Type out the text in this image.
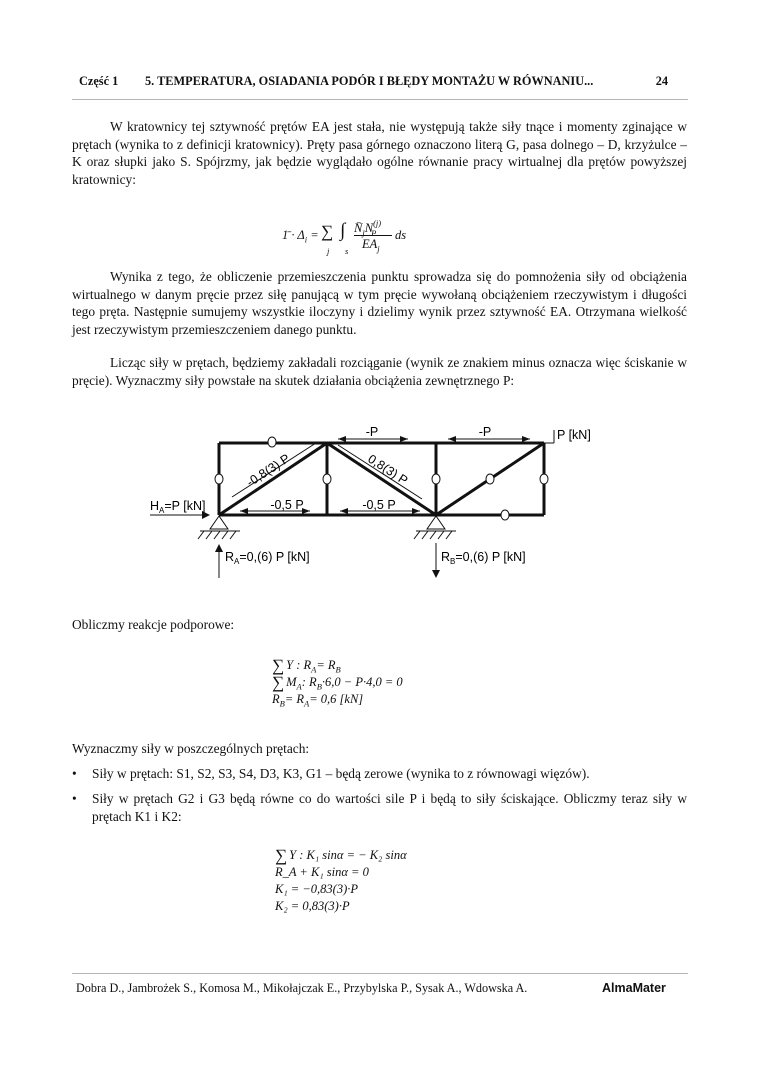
Część 1 5. TEMPERATURA, OSIADANIA PODÓR I BŁĘDY MONTAŻU W RÓWNANIU...	24

W kratownicy tej sztywność prętów EA jest stała, nie występują także siły tnące i momenty zginające w prętach (wynika to z definicji kratownicy). Pręty pasa górnego oznaczono literą G, pasa dolnego – D, krzyżulce – K oraz słupki jako S. Spójrzmy, jak będzie wyglądało ogólne równanie pracy wirtualnej dla prętów powyższej kratownicy:

1̄ · $\Delta_i$ = ∑
j
∫
s
$N̄_jN^{(j)}_P$
$EA_j$
ds

Wynika z tego, że obliczenie przemieszczenia punktu sprowadza się do pomnożenia siły od obciążenia wirtualnego w danym pręcie przez siłę panującą w tym pręcie wywołaną obciążeniem rzeczywistym i długości tego pręta. Następnie sumujemy wszystkie iloczyny i dzielimy wynik przez sztywność EA. Otrzymana wielkość jest rzeczywistym przemieszczeniem danego punktu.

Licząc siły w prętach, będziemy zakładali rozciąganie (wynik ze znakiem minus oznacza więc ściskanie w pręcie). Wyznaczmy siły powstałe na skutek działania obciążenia zewnętrznego P:

-P	-P	P [kN]
-0,8(3) P	0,8(3) P
-0,5 P	-0,5 P
$H_A=P$ [kN]
$R_A=0,(6)$ P [kN]	$R_B=0,(6)$ P [kN]

Obliczmy reakcje podporowe:

∑ Y : $R_A= R_B$
∑ $M_A$: $R_B\cdot 6,0 - P\cdot 4,0 = 0$
$R_B= R_A= 0,6$ [kN]

Wyznaczmy siły w poszczególnych prętach:

• Siły w prętach: S1, S2, S3, S4, D3, K3, G1 – będą zerowe (wynika to z równowagi więzów).
• Siły w prętach G2 i G3 będą równe co do wartości sile P i będą to siły ściskające. Obliczmy teraz siły w prętach K1 i K2:
∑ Y : K₁ sinα = − K₂ sinα
R_A + K₁ sinα = 0
K₁ = −0,83(3)·P
K₂ = 0,83(3)·P
Dobra D., Jambrożek S., Komosa M., Mikołajczak E., Przybylska P., Sysak A., Wdowska A.	AlmaMater
